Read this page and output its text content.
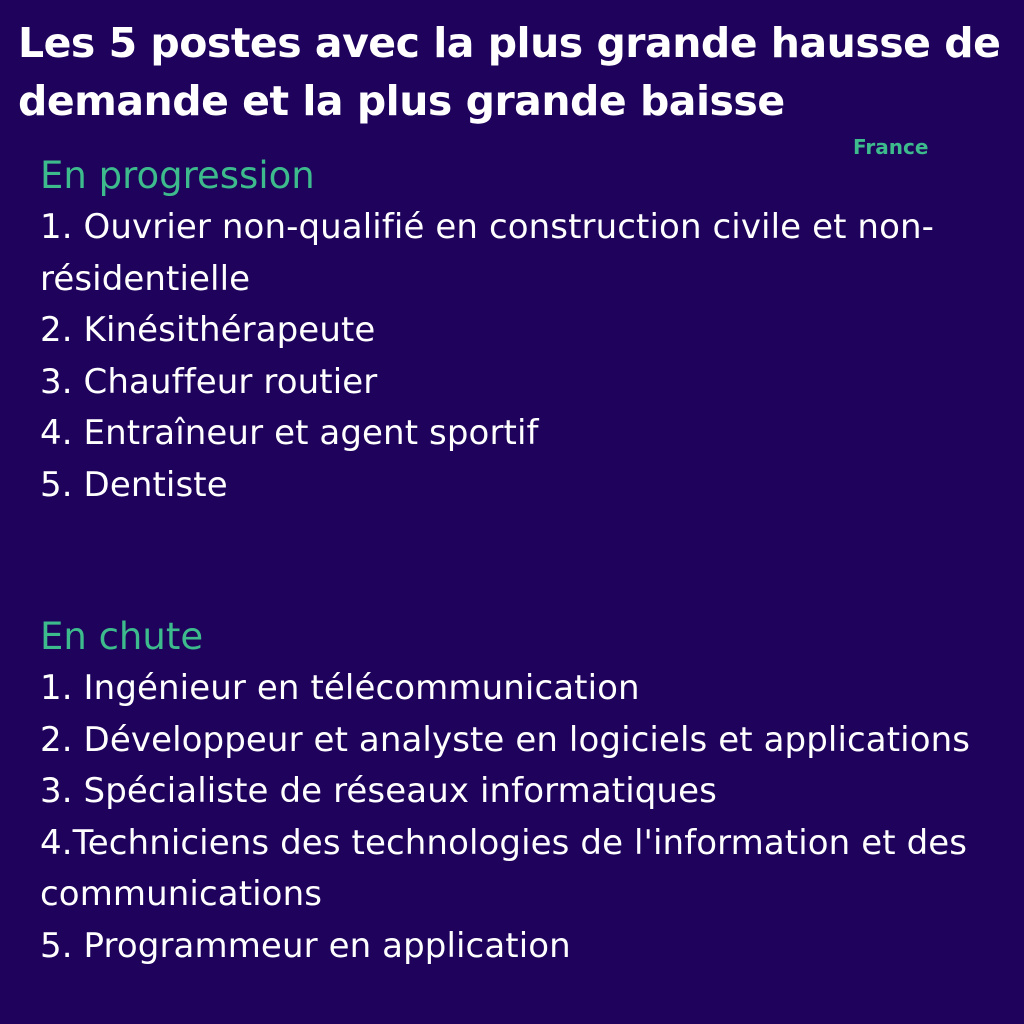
Les 5 postes avec la plus grande hausse de demande et la plus grande baisse
France
En progression
1. Ouvrier non-qualifié en construction civile et non-résidentielle
2. Kinésithérapeute
3. Chauffeur routier
4. Entraîneur et agent sportif
5. Dentiste
En chute
1. Ingénieur en télécommunication
2. Développeur et analyste en logiciels et applications
3. Spécialiste de réseaux informatiques
4.Techniciens des technologies de l'information et des communications
5. Programmeur en application
